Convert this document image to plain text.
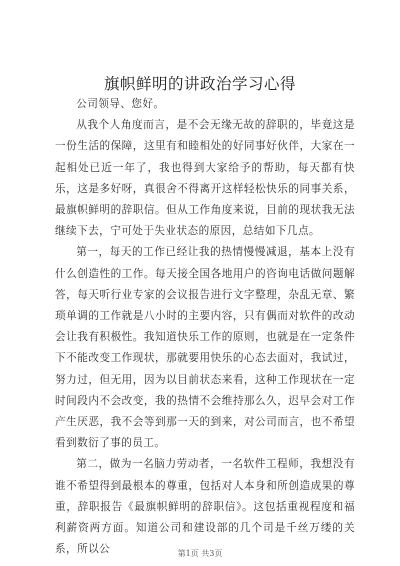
旗帜鲜明的讲政治学习心得

公司领导、您好。

从我个人角度而言，是不会无缘无故的辞职的，毕竟这是一份生活的保障，这里有和睦相处的好同事好伙伴，大家在一起相处已近一年了，我也得到大家给予的帮助，每天都有快乐，这是多好呀，真很舍不得离开这样轻松快乐的同事关系，最旗帜鲜明的辞职信。但从工作角度来说，目前的现状我无法继续下去，宁可处于失业状态的原因，总结如下几点。

第一，每天的工作已经让我的热情慢慢减退，基本上没有什么创造性的工作。每天接全国各地用户的咨询电话做问题解答，每天听行业专家的会议报告进行文字整理，杂乱无章、繁琐单调的工作就是八小时的主要内容，只有偶而对软件的改动会让我有积极性。我知道快乐工作的原则，也就是在一定条件下不能改变工作现状，那就要用快乐的心态去面对，我试过，努力过，但无用，因为以目前状态来看，这种工作现状在一定时间段内不会改变，我的热情不会维持那么久，迟早会对工作产生厌恶，我不会等到那一天的到来，对公司而言，也不希望看到数衍了事的员工。

第二，做为一名脑力劳动者，一名软件工程师，我想没有谁不希望得到最根本的尊重，包括对人本身和所创造成果的尊重，辞职报告《最旗帜鲜明的辞职信》。这包括重视程度和福利薪资两方面。知道公司和建设部的几个司是千丝万缕的关系，所以公	第1页 共3页
